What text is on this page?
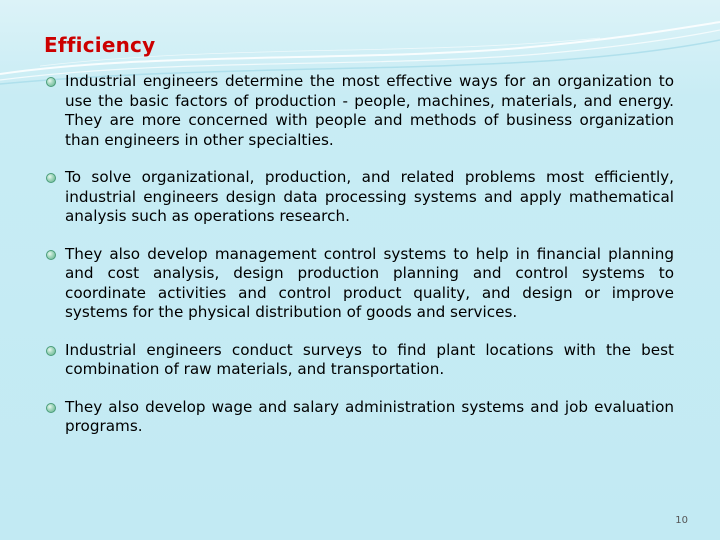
Efficiency
Industrial engineers determine the most effective ways for an organization to use the basic factors of production - people, machines, materials, and energy. They are more concerned with people and methods of business organization than engineers in other specialties.
To solve organizational, production, and related problems most efficiently, industrial engineers design data processing systems and apply mathematical analysis such as operations research.
They also develop management control systems to help in financial planning and cost analysis, design production planning and control systems to coordinate activities and control product quality, and design or improve systems for the physical distribution of goods and services.
Industrial engineers conduct surveys to find plant locations with the best combination of raw materials, and transportation.
They also develop wage and salary administration systems and job evaluation programs.
10
